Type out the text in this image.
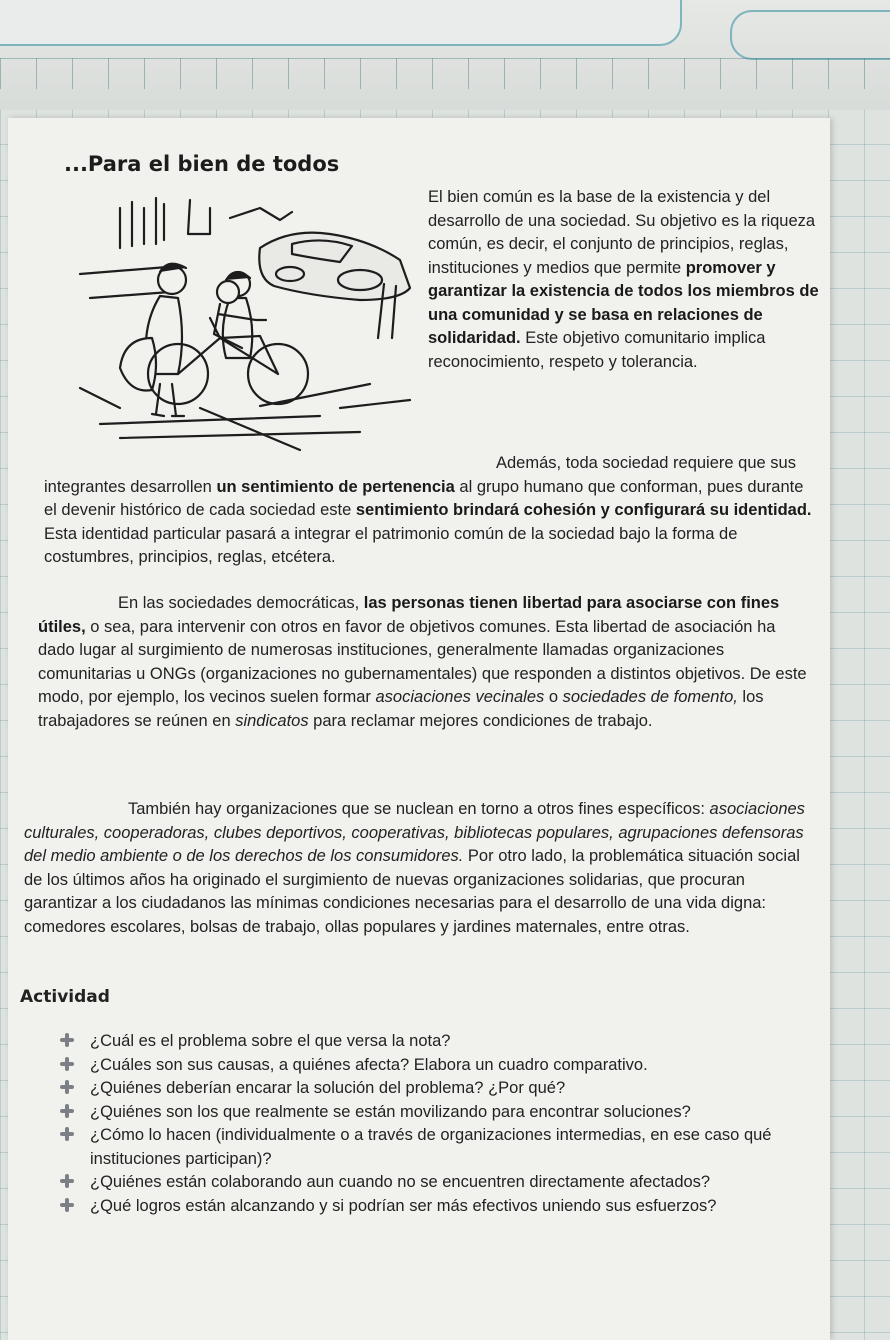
...Para el bien de todos

El bien común es la base de la existencia y del desarrollo de una sociedad. Su objetivo es la riqueza común, es decir, el conjunto de principios, reglas, instituciones y medios que permite promover y garantizar la existencia de todos los miembros de una comunidad y se basa en relaciones de solidaridad. Este objetivo comunitario implica reconocimiento, respeto y tolerancia.

Además, toda sociedad requiere que sus integrantes desarrollen un sentimiento de pertenencia al grupo humano que conforman, pues durante el devenir histórico de cada sociedad este sentimiento brindará cohesión y configurará su identidad. Esta identidad particular pasará a integrar el patrimonio común de la sociedad bajo la forma de costumbres, principios, reglas, etcétera.

En las sociedades democráticas, las personas tienen libertad para asociarse con fines útiles, o sea, para intervenir con otros en favor de objetivos comunes. Esta libertad de asociación ha dado lugar al surgimiento de numerosas instituciones, generalmente llamadas organizaciones comunitarias u ONGs (organizaciones no gubernamentales) que responden a distintos objetivos. De este modo, por ejemplo, los vecinos suelen formar asociaciones vecinales o sociedades de fomento, los trabajadores se reúnen en sindicatos para reclamar mejores condiciones de trabajo.

También hay organizaciones que se nuclean en torno a otros fines específicos: asociaciones culturales, cooperadoras, clubes deportivos, cooperativas, bibliotecas populares, agrupaciones defensoras del medio ambiente o de los derechos de los consumidores. Por otro lado, la problemática situación social de los últimos años ha originado el surgimiento de nuevas organizaciones solidarias, que procuran garantizar a los ciudadanos las mínimas condiciones necesarias para el desarrollo de una vida digna: comedores escolares, bolsas de trabajo, ollas populares y jardines maternales, entre otras.

Actividad
¿Cuál es el problema sobre el que versa la nota?
¿Cuáles son sus causas, a quiénes afecta? Elabora un cuadro comparativo.
¿Quiénes deberían encarar la solución del problema? ¿Por qué?
¿Quiénes son los que realmente se están movilizando para encontrar soluciones?
¿Cómo lo hacen (individualmente o a través de organizaciones intermedias, en ese caso qué instituciones participan)?
¿Quiénes están colaborando aun cuando no se encuentren directamente afectados?
¿Qué logros están alcanzando y si podrían ser más efectivos uniendo sus esfuerzos?
